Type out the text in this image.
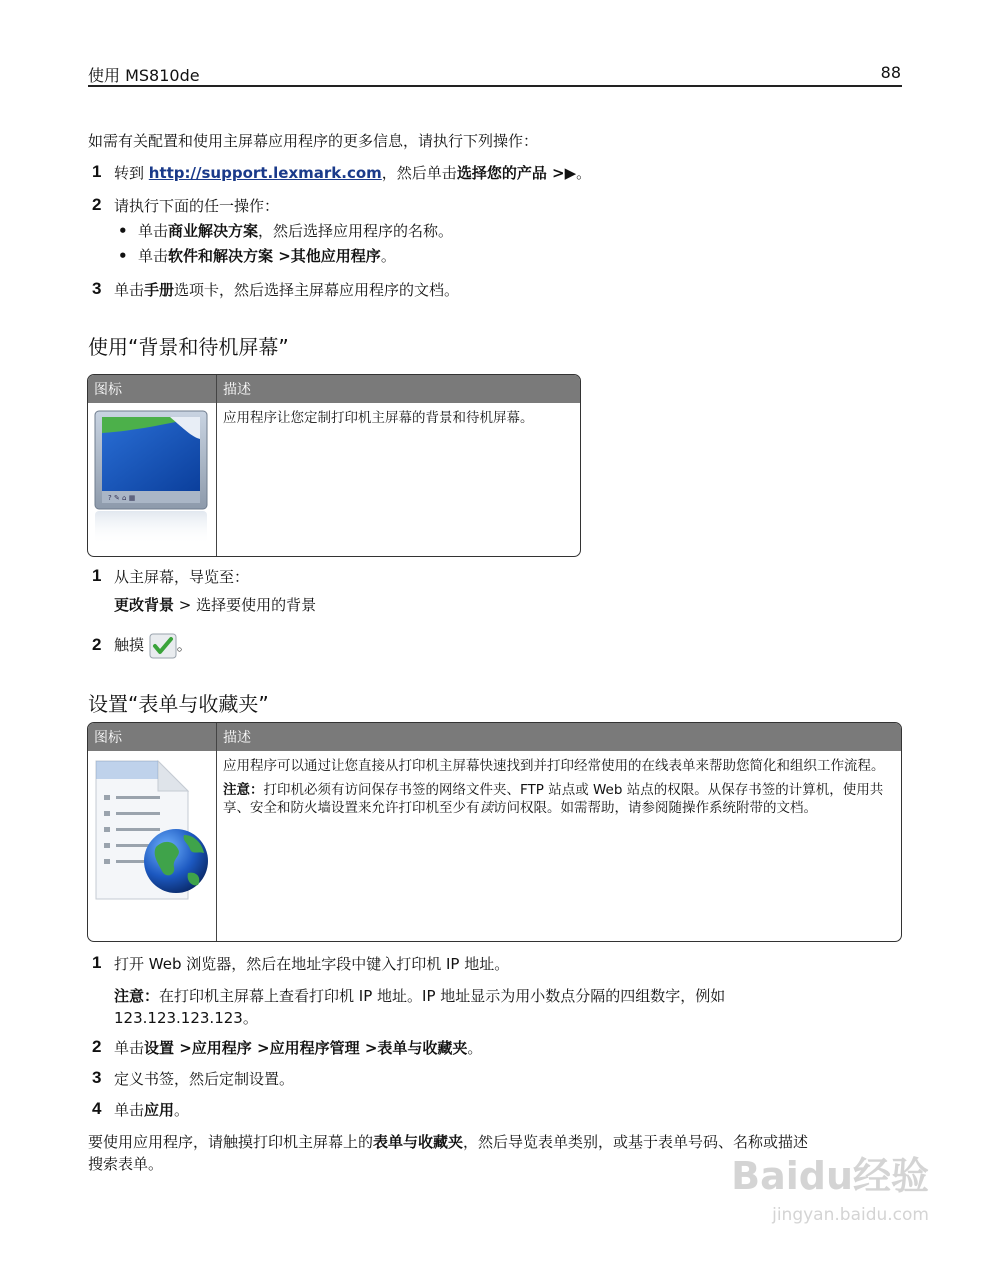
使用 MS810de	88
如需有关配置和使用主屏幕应用程序的更多信息，请执行下列操作：
1 转到 http://support.lexmark.com，然后单击选择您的产品 >▶。
2 请执行下面的任一操作：
• 单击商业解决方案，然后选择应用程序的名称。
• 单击软件和解决方案 >其他应用程序。
3 单击手册选项卡，然后选择主屏幕应用程序的文档。
使用“背景和待机屏幕”
图标	描述

? ✎ ⌂ ▦	应用程序让您定制打印机主屏幕的背景和待机屏幕。
1 从主屏幕，导览至：
更改背景 > 选择要使用的背景
2 触摸 。
设置“表单与收藏夹”
图标	描述

应用程序可以通过让您直接从打印机主屏幕快速找到并打印经常使用的在线表单来帮助您简化和组织工作流程。
注意：打印机必须有访问保存书签的网络文件夹、FTP 站点或 Web 站点的权限。从保存书签的计算机，使用共享、安全和防火墙设置来允许打印机至少有读访问权限。如需帮助，请参阅随操作系统附带的文档。
1 打开 Web 浏览器，然后在地址字段中键入打印机 IP 地址。
注意：在打印机主屏幕上查看打印机 IP 地址。IP 地址显示为用小数点分隔的四组数字，例如
123.123.123.123。
2 单击设置 >应用程序 >应用程序管理 >表单与收藏夹。
3 定义书签，然后定制设置。
4 单击应用。
要使用应用程序，请触摸打印机主屏幕上的表单与收藏夹，然后导览表单类别，或基于表单号码、名称或描述
搜索表单。	Baidu经验
jingyan.baidu.com
